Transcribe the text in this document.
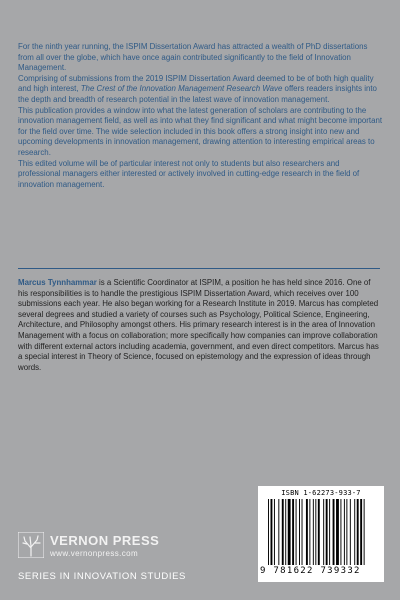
For the ninth year running, the ISPIM Dissertation Award has attracted a wealth of PhD dissertations from all over the globe, which have once again contributed significantly to the field of Innovation Management.

Comprising of submissions from the 2019 ISPIM Dissertation Award deemed to be of both high quality and high interest, The Crest of the Innovation Management Research Wave offers readers insights into the depth and breadth of research potential in the latest wave of innovation management.

This publication provides a window into what the latest generation of scholars are contributing to the innovation management field, as well as into what they find significant and what might become important for the field over time. The wide selection included in this book offers a strong insight into new and upcoming developments in innovation management, drawing attention to interesting empirical areas to research.

This edited volume will be of particular interest not only to students but also researchers and professional managers either interested or actively involved in cutting-edge research in the field of innovation management.

Marcus Tynnhammar is a Scientific Coordinator at ISPIM, a position he has held since 2016. One of his responsibilities is to handle the prestigious ISPIM Dissertation Award, which receives over 100 submissions each year. He also began working for a Research Institute in 2019. Marcus has completed several degrees and studied a variety of courses such as Psychology, Political Science, Engineering, Architecture, and Philosophy amongst others. His primary research interest is in the area of Innovation Management with a focus on collaboration; more specifically how companies can improve collaboration with different external actors including academia, government, and even direct competitors. Marcus has a special interest in Theory of Science, focused on epistemology and the expression of ideas through words.

ISBN 1-62273-933-7
9 781622 739332
VERNON PRESS
www.vernonpress.com
SERIES IN INNOVATION STUDIES
